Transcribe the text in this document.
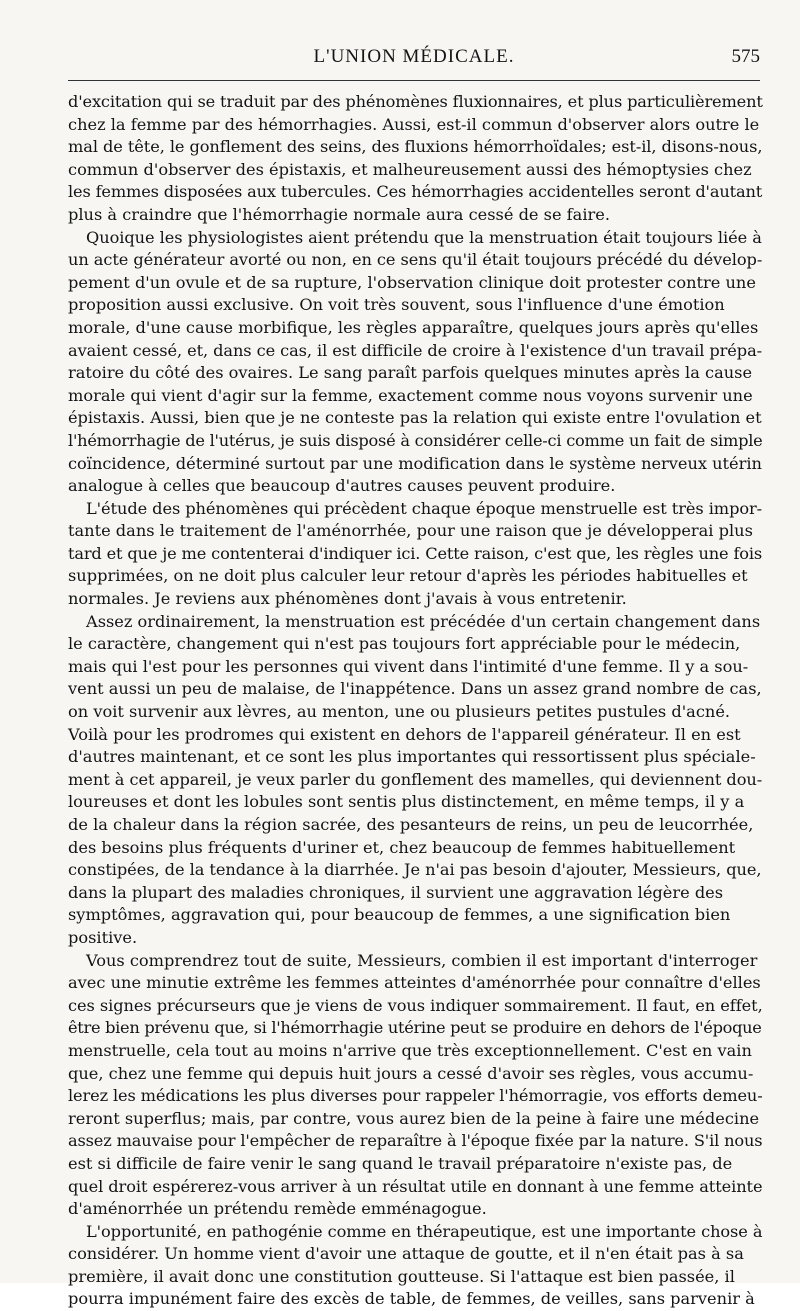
L'UNION MÉDICALE.	575
d'excitation qui se traduit par des phénomènes fluxionnaires, et plus particulièrement
chez la femme par des hémorrhagies. Aussi, est-il commun d'observer alors outre le
mal de tête, le gonflement des seins, des fluxions hémorrhoïdales; est-il, disons-nous,
commun d'observer des épistaxis, et malheureusement aussi des hémoptysies chez
les femmes disposées aux tubercules. Ces hémorrhagies accidentelles seront d'autant
plus à craindre que l'hémorrhagie normale aura cessé de se faire.
Quoique les physiologistes aient prétendu que la menstruation était toujours liée à
un acte générateur avorté ou non, en ce sens qu'il était toujours précédé du dévelop-
pement d'un ovule et de sa rupture, l'observation clinique doit protester contre une
proposition aussi exclusive. On voit très souvent, sous l'influence d'une émotion
morale, d'une cause morbifique, les règles apparaître, quelques jours après qu'elles
avaient cessé, et, dans ce cas, il est difficile de croire à l'existence d'un travail prépa-
ratoire du côté des ovaires. Le sang paraît parfois quelques minutes après la cause
morale qui vient d'agir sur la femme, exactement comme nous voyons survenir une
épistaxis. Aussi, bien que je ne conteste pas la relation qui existe entre l'ovulation et
l'hémorrhagie de l'utérus, je suis disposé à considérer celle-ci comme un fait de simple
coïncidence, déterminé surtout par une modification dans le système nerveux utérin
analogue à celles que beaucoup d'autres causes peuvent produire.
L'étude des phénomènes qui précèdent chaque époque menstruelle est très impor-
tante dans le traitement de l'aménorrhée, pour une raison que je développerai plus
tard et que je me contenterai d'indiquer ici. Cette raison, c'est que, les règles une fois
supprimées, on ne doit plus calculer leur retour d'après les périodes habituelles et
normales. Je reviens aux phénomènes dont j'avais à vous entretenir.
Assez ordinairement, la menstruation est précédée d'un certain changement dans
le caractère, changement qui n'est pas toujours fort appréciable pour le médecin,
mais qui l'est pour les personnes qui vivent dans l'intimité d'une femme. Il y a sou-
vent aussi un peu de malaise, de l'inappétence. Dans un assez grand nombre de cas,
on voit survenir aux lèvres, au menton, une ou plusieurs petites pustules d'acné.
Voilà pour les prodromes qui existent en dehors de l'appareil générateur. Il en est
d'autres maintenant, et ce sont les plus importantes qui ressortissent plus spéciale-
ment à cet appareil, je veux parler du gonflement des mamelles, qui deviennent dou-
loureuses et dont les lobules sont sentis plus distinctement, en même temps, il y a
de la chaleur dans la région sacrée, des pesanteurs de reins, un peu de leucorrhée,
des besoins plus fréquents d'uriner et, chez beaucoup de femmes habituellement
constipées, de la tendance à la diarrhée. Je n'ai pas besoin d'ajouter, Messieurs, que,
dans la plupart des maladies chroniques, il survient une aggravation légère des
symptômes, aggravation qui, pour beaucoup de femmes, a une signification bien
positive.
Vous comprendrez tout de suite, Messieurs, combien il est important d'interroger
avec une minutie extrême les femmes atteintes d'aménorrhée pour connaître d'elles
ces signes précurseurs que je viens de vous indiquer sommairement. Il faut, en effet,
être bien prévenu que, si l'hémorrhagie utérine peut se produire en dehors de l'époque
menstruelle, cela tout au moins n'arrive que très exceptionnellement. C'est en vain
que, chez une femme qui depuis huit jours a cessé d'avoir ses règles, vous accumu-
lerez les médications les plus diverses pour rappeler l'hémorragie, vos efforts demeu-
reront superflus; mais, par contre, vous aurez bien de la peine à faire une médecine
assez mauvaise pour l'empêcher de reparaître à l'époque fixée par la nature. S'il nous
est si difficile de faire venir le sang quand le travail préparatoire n'existe pas, de
quel droit espérerez-vous arriver à un résultat utile en donnant à une femme atteinte
d'aménorrhée un prétendu remède emménagogue.
L'opportunité, en pathogénie comme en thérapeutique, est une importante chose à
considérer. Un homme vient d'avoir une attaque de goutte, et il n'en était pas à sa
première, il avait donc une constitution goutteuse. Si l'attaque est bien passée, il
pourra impunément faire des excès de table, de femmes, de veilles, sans parvenir à
